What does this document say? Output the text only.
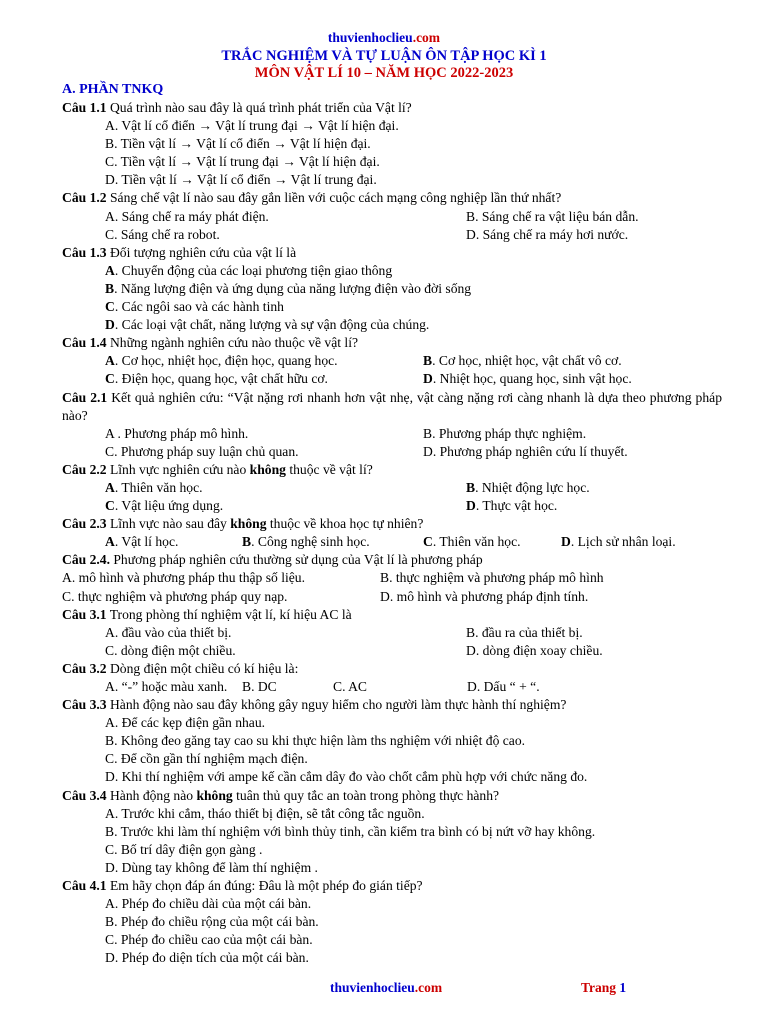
thuvienhoclieu.com
TRẮC NGHIỆM VÀ TỰ LUẬN ÔN TẬP HỌC KÌ 1
MÔN VẬT LÍ 10 – NĂM HỌC 2022-2023
A. PHẦN TNKQ
Câu 1.1 Quá trình nào sau đây là quá trình phát triển của Vật lí?
A. Vật lí cổ điển → Vật lí trung đại → Vật lí hiện đại.
B. Tiền vật lí → Vật lí cổ điển → Vật lí hiện đại.
C. Tiền vật lí → Vật lí trung đại → Vật lí hiện đại.
D. Tiền vật lí → Vật lí cổ điển → Vật lí trung đại.
Câu 1.2 Sáng chế vật lí nào sau đây gắn liền với cuộc cách mạng công nghiệp lần thứ nhất?
A. Sáng chế ra máy phát điện.	B. Sáng chế ra vật liệu bán dẫn.
C. Sáng chế ra robot.	D. Sáng chế ra máy hơi nước.
Câu 1.3 Đối tượng nghiên cứu của vật lí là
A. Chuyển động của các loại phương tiện giao thông
B. Năng lượng điện và ứng dụng của năng lượng điện vào đời sống
C. Các ngôi sao và các hành tinh
D. Các loại vật chất, năng lượng và sự vận động của chúng.
Câu 1.4 Những ngành nghiên cứu nào thuộc về vật lí?
A. Cơ học, nhiệt học, điện học, quang học.	B. Cơ học, nhiệt học, vật chất vô cơ.
C. Điện học, quang học, vật chất hữu cơ.	D. Nhiệt học, quang học, sinh vật học.
Câu 2.1 Kết quả nghiên cứu: “Vật nặng rơi nhanh hơn vật nhẹ, vật càng nặng rơi càng nhanh là dựa theo phương pháp nào?
A . Phương pháp mô hình.	B. Phương pháp thực nghiệm.
C. Phương pháp suy luận chủ quan.	D. Phương pháp nghiên cứu lí thuyết.
Câu 2.2 Lĩnh vực nghiên cứu nào không thuộc về vật lí?
A. Thiên văn học.	B. Nhiệt động lực học.
C. Vật liệu ứng dụng.	D. Thực vật học.
Câu 2.3 Lĩnh vực nào sau đây không thuộc về khoa học tự nhiên?
A. Vật lí học.	B. Công nghệ sinh học.	C. Thiên văn học.	D. Lịch sử nhân loại.
Câu 2.4. Phương pháp nghiên cứu thường sử dụng của Vật lí là phương pháp
A. mô hình và phương pháp thu thập số liệu.	B. thực nghiệm và phương pháp mô hình
C. thực nghiệm và phương pháp quy nạp.	D. mô hình và phương pháp định tính.
Câu 3.1 Trong phòng thí nghiệm vật lí, kí hiệu AC là
A. đầu vào của thiết bị.	B. đầu ra của thiết bị.
C. dòng điện một chiều.	D. dòng điện xoay chiều.
Câu 3.2 Dòng điện một chiều có kí hiệu là:
A. “-” hoặc màu xanh.	B. DC	C. AC	D. Dấu “ + “.
Câu 3.3 Hành động nào sau đây không gây nguy hiểm cho người làm thực hành thí nghiệm?
A. Để các kẹp điện gần nhau.
B. Không đeo găng tay cao su khi thực hiện làm ths nghiệm với nhiệt độ cao.
C. Để cồn gần thí nghiệm mạch điện.
D. Khi thí nghiệm với ampe kế cần cắm dây đo vào chốt cắm phù hợp với chức năng đo.
Câu 3.4 Hành động nào không tuân thủ quy tắc an toàn trong phòng thực hành?
A. Trước khi cắm, tháo thiết bị điện, sẽ tắt công tắc nguồn.
B. Trước khi làm thí nghiệm với bình thủy tinh, cần kiểm tra bình có bị nứt vỡ hay không.
C. Bố trí dây điện gọn gàng .
D. Dùng tay không để làm thí nghiệm .
Câu 4.1 Em hãy chọn đáp án đúng: Đâu là một phép đo gián tiếp?
A. Phép đo chiều dài của một cái bàn.
B. Phép đo chiều rộng của một cái bàn.
C. Phép đo chiều cao của một cái bàn.
D. Phép đo diện tích của một cái bàn.
thuvienhoclieu.com	Trang 1
